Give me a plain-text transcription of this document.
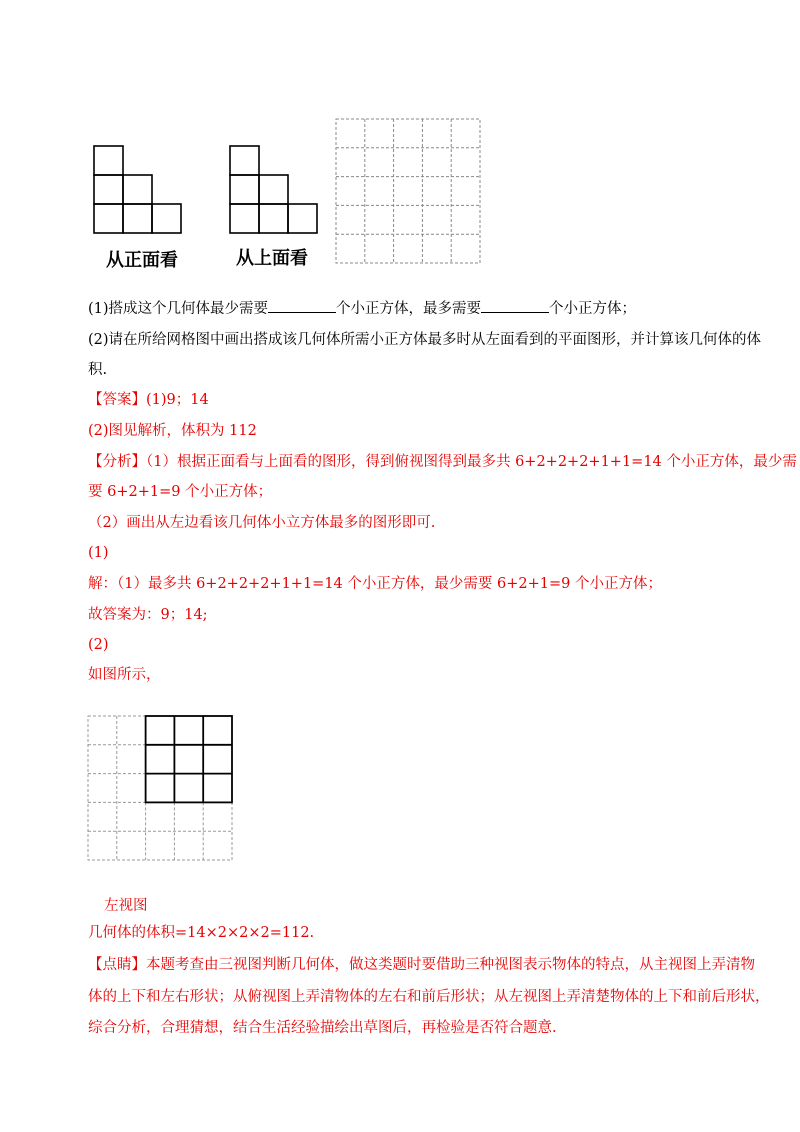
从正面看	从上面看
(1)搭成这个几何体最少需要	个小正方体，最多需要	个小正方体；
(2)请在所给网格图中画出搭成该几何体所需小正方体最多时从左面看到的平面图形，并计算该几何体的体
积.
【答案】(1)9；14
(2)图见解析，体积为 112
【分析】（1）根据正面看与上面看的图形，得到俯视图得到最多共 6+2+2+2+1+1=14 个小正方体，最少需
要 6+2+1=9 个小正方体；
（2）画出从左边看该几何体小立方体最多的图形即可.
(1)
解：（1）最多共 6+2+2+2+1+1=14 个小正方体，最少需要 6+2+1=9 个小正方体；
故答案为：9；14;
(2)
如图所示，
左视图
几何体的体积=14×2×2×2=112.
【点睛】本题考查由三视图判断几何体，做这类题时要借助三种视图表示物体的特点，从主视图上弄清物
体的上下和左右形状；从俯视图上弄清物体的左右和前后形状；从左视图上弄清楚物体的上下和前后形状，
综合分析，合理猜想，结合生活经验描绘出草图后，再检验是否符合题意.
